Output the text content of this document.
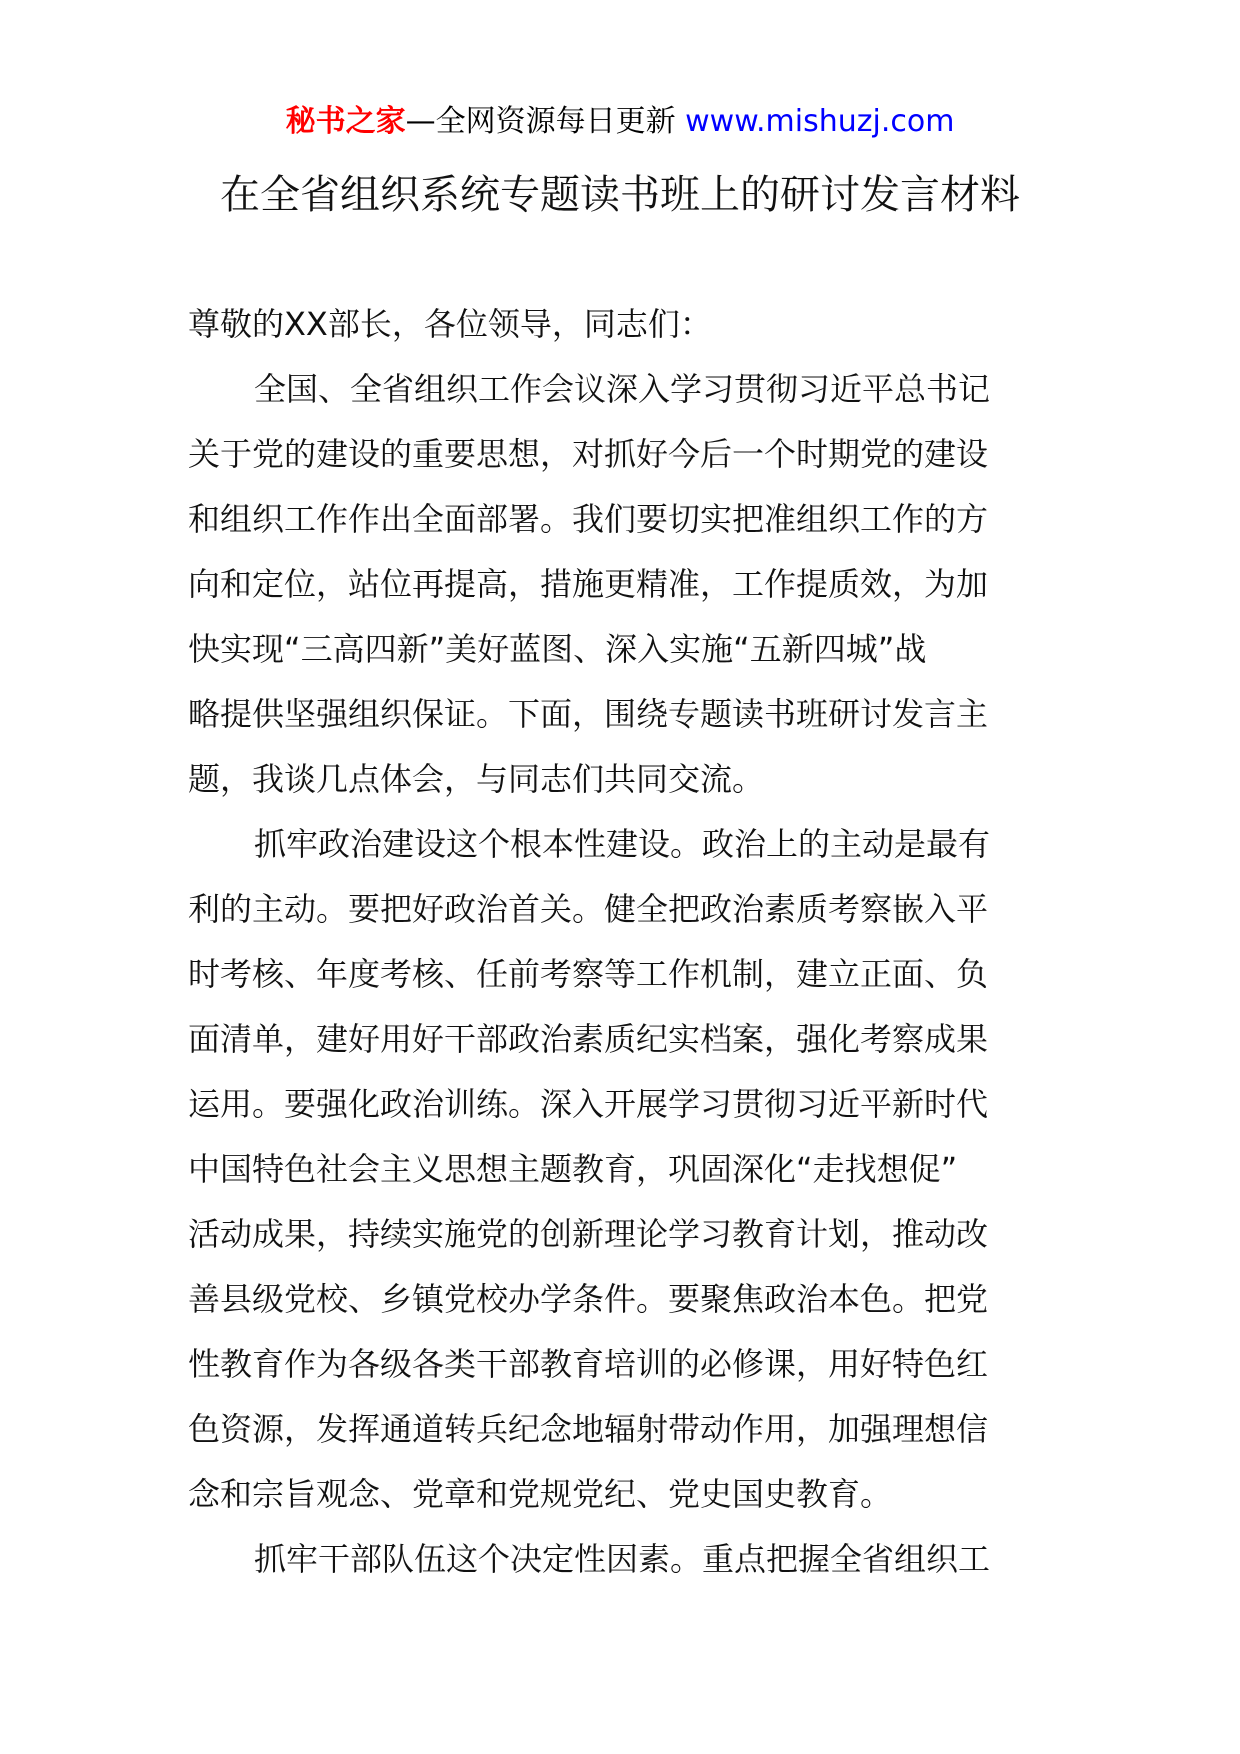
秘书之家—全网资源每日更新 www.mishuzj.com
在全省组织系统专题读书班上的研讨发言材料
尊敬的XX部长，各位领导，同志们：
全国、全省组织工作会议深入学习贯彻习近平总书记
关于党的建设的重要思想，对抓好今后一个时期党的建设
和组织工作作出全面部署。我们要切实把准组织工作的方
向和定位，站位再提高，措施更精准，工作提质效，为加
快实现“三高四新”美好蓝图、深入实施“五新四城”战
略提供坚强组织保证。下面，围绕专题读书班研讨发言主
题，我谈几点体会，与同志们共同交流。
抓牢政治建设这个根本性建设。政治上的主动是最有
利的主动。要把好政治首关。健全把政治素质考察嵌入平
时考核、年度考核、任前考察等工作机制，建立正面、负
面清单，建好用好干部政治素质纪实档案，强化考察成果
运用。要强化政治训练。深入开展学习贯彻习近平新时代
中国特色社会主义思想主题教育，巩固深化“走找想促”
活动成果，持续实施党的创新理论学习教育计划，推动改
善县级党校、乡镇党校办学条件。要聚焦政治本色。把党
性教育作为各级各类干部教育培训的必修课，用好特色红
色资源，发挥通道转兵纪念地辐射带动作用，加强理想信
念和宗旨观念、党章和党规党纪、党史国史教育。
抓牢干部队伍这个决定性因素。重点把握全省组织工
